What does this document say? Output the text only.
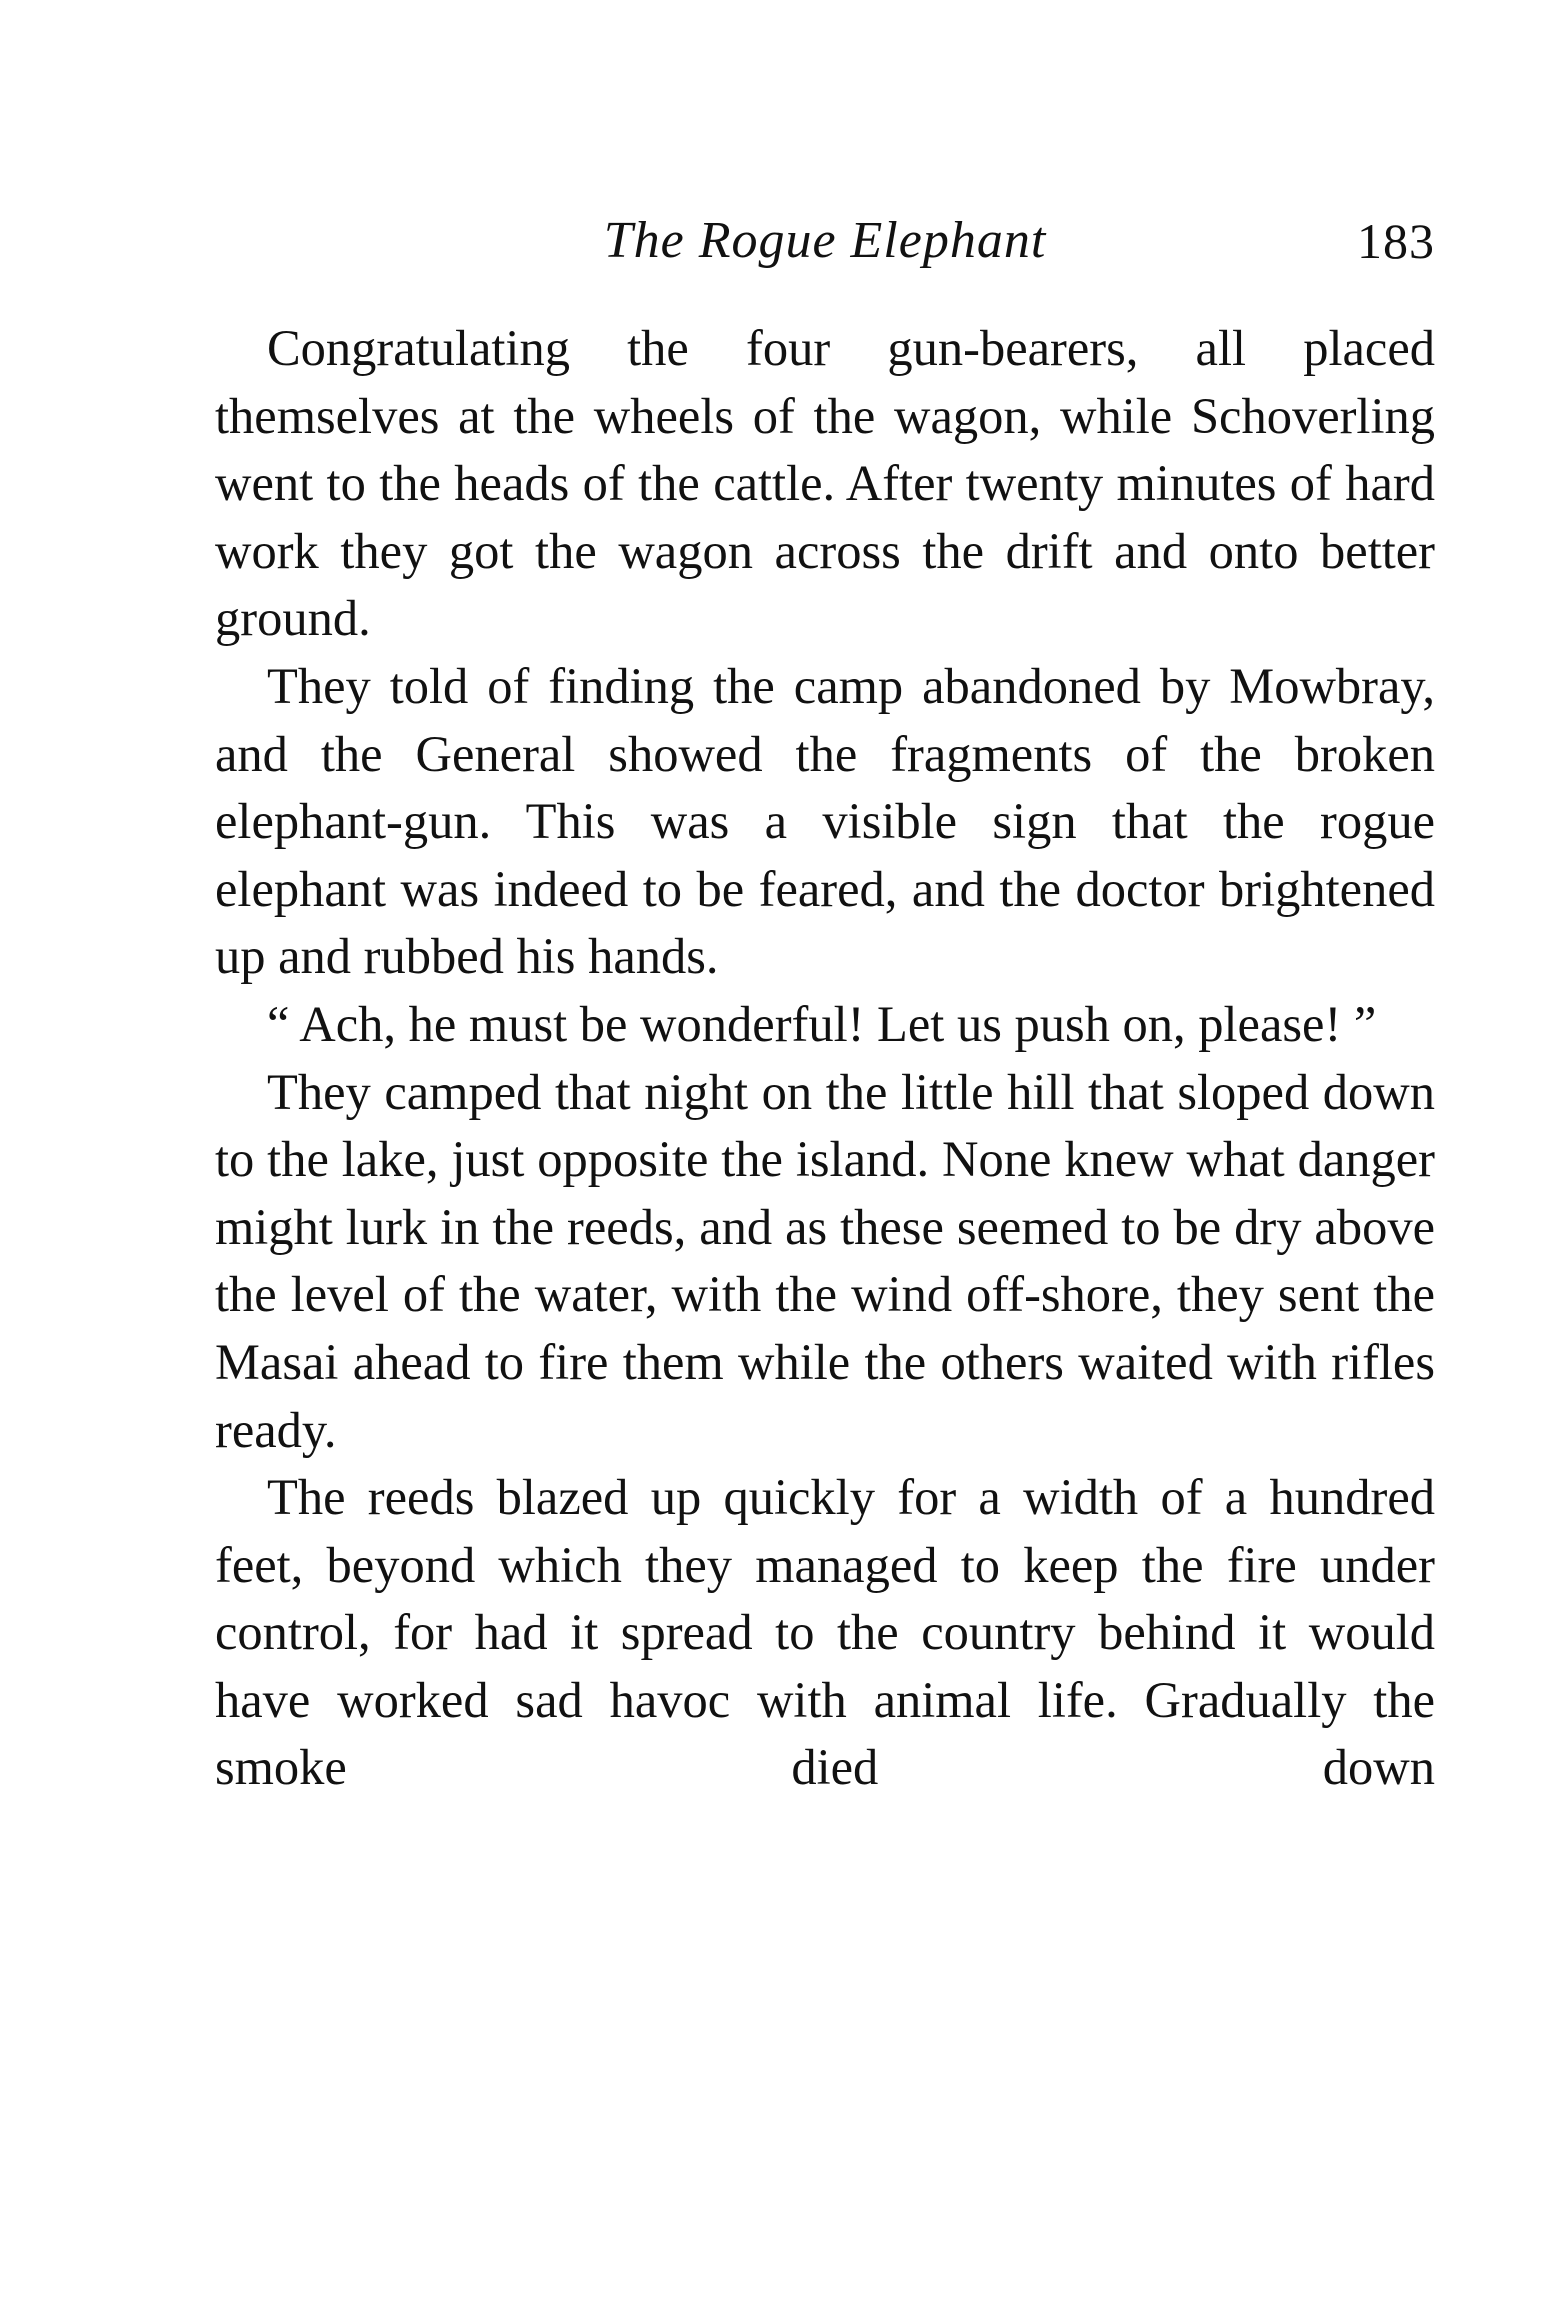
The Rogue Elephant	183

Congratulating the four gun-bearers, all placed themselves at the wheels of the wagon, while Schoverling went to the heads of the cattle. After twenty minutes of hard work they got the wagon across the drift and onto better ground.

They told of finding the camp abandoned by Mowbray, and the General showed the fragments of the broken elephant-gun. This was a visible sign that the rogue elephant was indeed to be feared, and the doctor brightened up and rubbed his hands.

“ Ach, he must be wonderful! Let us push on, please! ”

They camped that night on the little hill that sloped down to the lake, just opposite the island. None knew what danger might lurk in the reeds, and as these seemed to be dry above the level of the water, with the wind off-shore, they sent the Masai ahead to fire them while the others waited with rifles ready.

The reeds blazed up quickly for a width of a hundred feet, beyond which they managed to keep the fire under control, for had it spread to the country behind it would have worked sad havoc with animal life. Gradually the smoke died down
